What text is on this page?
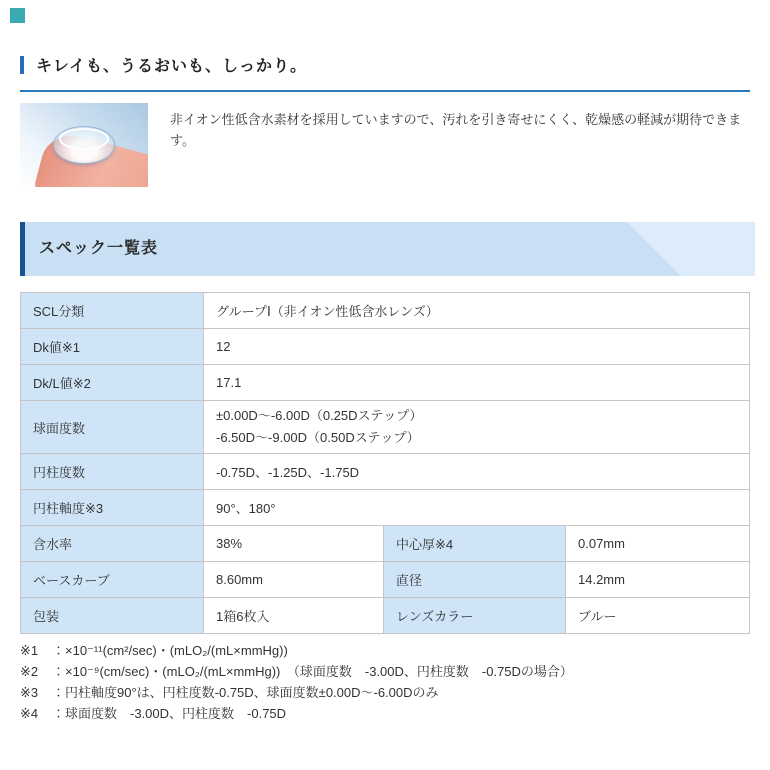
キレイも、うるおいも、しっかり。

非イオン性低含水素材を採用していますので、汚れを引き寄せにくく、乾燥感の軽減が期待できます。

スペック一覧表
SCL分類	グループⅠ（非イオン性低含水レンズ）		
Dk値※1	12		
Dk/L値※2	17.1		
球面度数	±0.00D～-6.00D（0.25Dステップ）
-6.50D～-9.00D（0.50Dステップ）		

円柱度数	-0.75D、-1.25D、-1.75D		
円柱軸度※3	90°、180°		
含水率	38%	中心厚※4	0.07mm
ベースカーブ	8.60mm	直径	14.2mm
包装	1箱6枚入	レンズカラー	ブルー
※1	：×10⁻¹¹(cm²/sec)・(mLO₂/(mL×mmHg))
※2	：×10⁻⁹(cm/sec)・(mLO₂/(mL×mmHg))　（球面度数　-3.00D、円柱度数　-0.75Dの場合）
※3	：円柱軸度90°は、円柱度数-0.75D、球面度数±0.00D～-6.00Dのみ
※4	：球面度数　-3.00D、円柱度数　-0.75D
